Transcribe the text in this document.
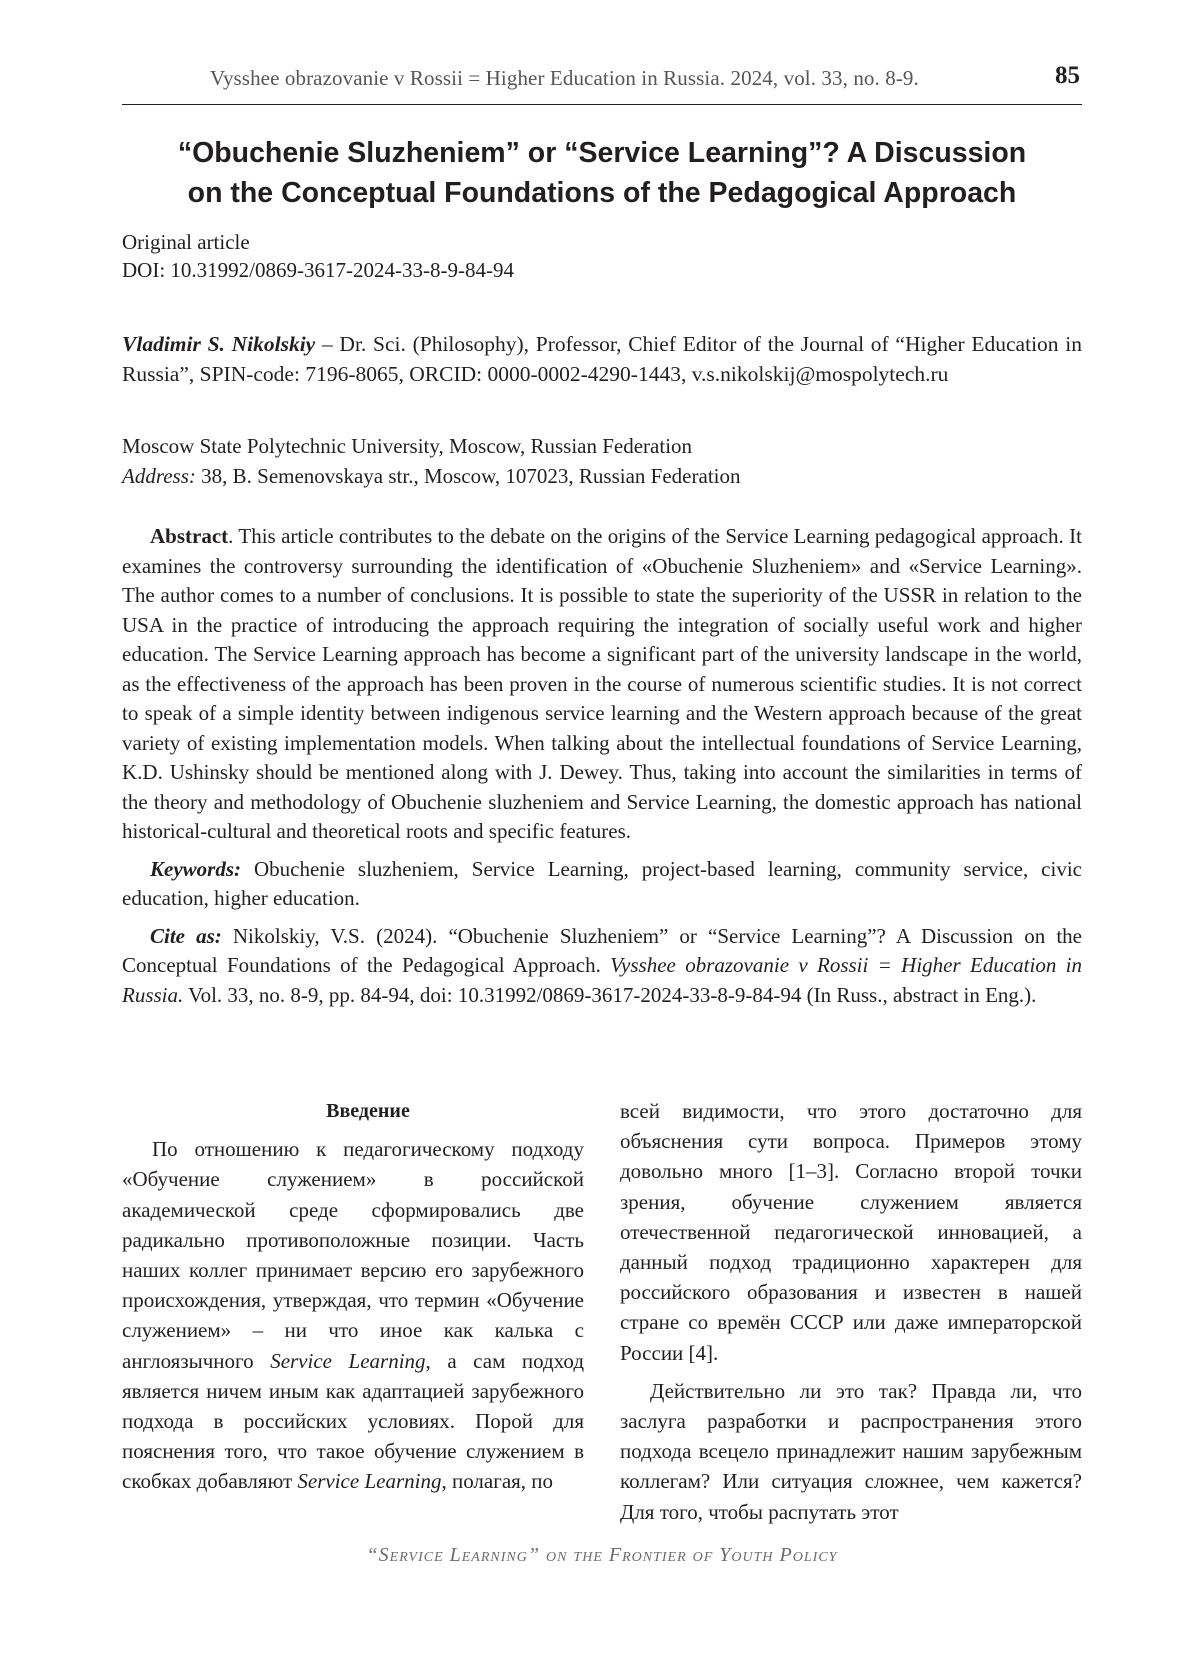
Vysshee obrazovanie v Rossii = Higher Education in Russia. 2024, vol. 33, no. 8-9.	85
“Obuchenie Sluzheniem” or “Service Learning”? A Discussion
on the Conceptual Foundations of the Pedagogical Approach
Original article
DOI: 10.31992/0869-3617-2024-33-8-9-84-94
Vladimir S. Nikolskiy – Dr. Sci. (Philosophy), Professor, Chief Editor of the Journal of “Higher Education in Russia”, SPIN-code: 7196-8065, ORCID: 0000-0002-4290-1443, v.s.nikolskij@mospolytech.ru
Moscow State Polytechnic University, Moscow, Russian Federation
Address: 38, B. Semenovskaya str., Moscow, 107023, Russian Federation

Abstract. This article contributes to the debate on the origins of the Service Learning pedagogical approach. It examines the controversy surrounding the identification of «Obuchenie Sluzheniem» and «Service Learning». The author comes to a number of conclusions. It is possible to state the superiority of the USSR in relation to the USA in the practice of introducing the approach requiring the integration of socially useful work and higher education. The Service Learning approach has become a significant part of the university landscape in the world, as the effectiveness of the approach has been proven in the course of numerous scientific studies. It is not correct to speak of a simple identity between indigenous service learning and the Western approach because of the great variety of existing implementation models. When talking about the intellectual foundations of Service Learning, K.D. Ushinsky should be mentioned along with J. Dewey. Thus, taking into account the similarities in terms of the theory and methodology of Obuchenie sluzheniem and Service Learning, the domestic approach has national historical-cultural and theoretical roots and specific features.

Keywords: Obuchenie sluzheniem, Service Learning, project-based learning, community service, civic education, higher education.

Cite as: Nikolskiy, V.S. (2024). “Obuchenie Sluzheniem” or “Service Learning”? A Discussion on the Conceptual Foundations of the Pedagogical Approach. Vysshee obrazovanie v Rossii = Higher Education in Russia. Vol. 33, no. 8-9, pp. 84-94, doi: 10.31992/0869-3617-2024-33-8-9-84-94 (In Russ., abstract in Eng.).

Введение

По отношению к педагогическому подходу «Обучение служением» в российской академической среде сформировались две радикально противоположные позиции. Часть наших коллег принимает версию его зарубежного происхождения, утверждая, что термин «Обучение служением» – ни что иное как калька с англоязычного Service Learning, а сам подход является ничем иным как адаптацией зарубежного подхода в российских условиях. Порой для пояснения того, что такое обучение служением в скобках добавляют Service Learning, полагая, по

всей видимости, что этого достаточно для объяснения сути вопроса. Примеров этому довольно много [1–3]. Согласно второй точки зрения, обучение служением является отечественной педагогической инновацией, а данный подход традиционно характерен для российского образования и известен в нашей стране со времён СССР или даже императорской России [4].

Действительно ли это так? Правда ли, что заслуга разработки и распространения этого подхода всецело принадлежит нашим зарубежным коллегам? Или ситуация сложнее, чем кажется? Для того, чтобы распутать этот

“Service Learning” on the Frontier of Youth Policy
